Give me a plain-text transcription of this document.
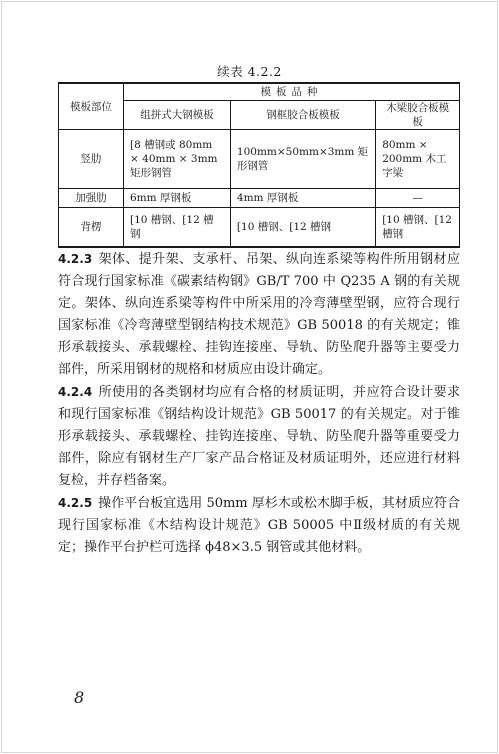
续表 4.2.2
模板部位	模板品种		
	组拼式大钢模板	钢框胶合板模板	木梁胶合板模板
竖肋	[8 槽钢或 80mm × 40mm × 3mm 矩形钢管	100mm×50mm×3mm 矩形钢管	80mm × 200mm 木工字梁
加强肋	6mm 厚钢板	4mm 厚钢板	—
背楞	[10 槽钢、[12 槽钢	[10 槽钢、[12 槽钢	[10 槽钢、[12 槽钢

4.2.3 架体、提升架、支承杆、吊架、纵向连系梁等构件所用钢材应符合现行国家标准《碳素结构钢》GB/T 700 中 Q235 A 钢的有关规定。架体、纵向连系梁等构件中所采用的冷弯薄壁型钢，应符合现行国家标准《冷弯薄壁型钢结构技术规范》GB 50018 的有关规定；锥形承载接头、承载螺栓、挂钩连接座、导轨、防坠爬升器等主要受力部件，所采用钢材的规格和材质应由设计确定。

4.2.4 所使用的各类钢材均应有合格的材质证明，并应符合设计要求和现行国家标准《钢结构设计规范》GB 50017 的有关规定。对于锥形承载接头、承载螺栓、挂钩连接座、导轨、防坠爬升器等重要受力部件，除应有钢材生产厂家产品合格证及材质证明外，还应进行材料复检，并存档备案。

4.2.5 操作平台板宜选用 50mm 厚杉木或松木脚手板，其材质应符合现行国家标准《木结构设计规范》GB 50005 中Ⅱ级材质的有关规定；操作平台护栏可选择 ϕ48×3.5 钢管或其他材料。

8
